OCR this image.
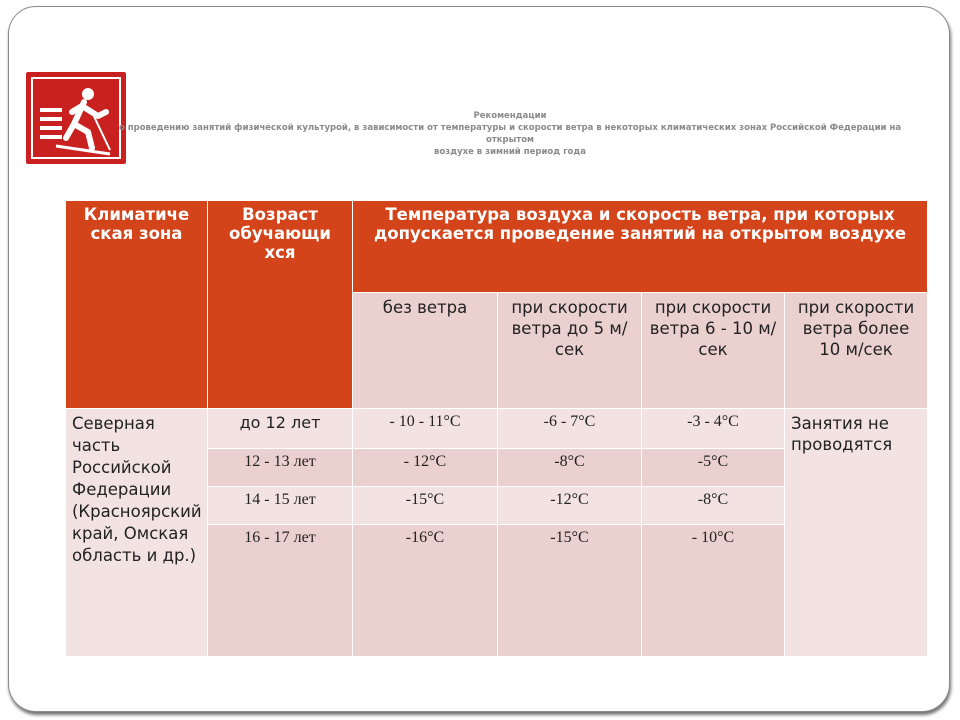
Рекомендации
о проведению занятий физической культурой, в зависимости от температуры и скорости ветра в некоторых климатических зонах Российской Федерации на открытом
воздухе в зимний период года
Климатиче ская зона	Возраст обучающи хся	Температура воздуха и скорость ветра, при которых допускается проведение занятий на открытом воздухе			
		без ветра	при скорости ветра до 5 м/сек	при скорости ветра 6 - 10 м/сек	при скорости ветра более 10 м/сек
Северная часть Российской Федерации (Красноярский край, Омская область и др.)	до 12 лет	- 10 - 11°С	-6 - 7°С	-3 - 4°С	Занятия не проводятся
	12 - 13 лет	- 12°С	-8°С	-5°С	
	14 - 15 лет	-15°С	-12°С	-8°С	
	16 - 17 лет	-16°С	-15°С	- 10°С	
